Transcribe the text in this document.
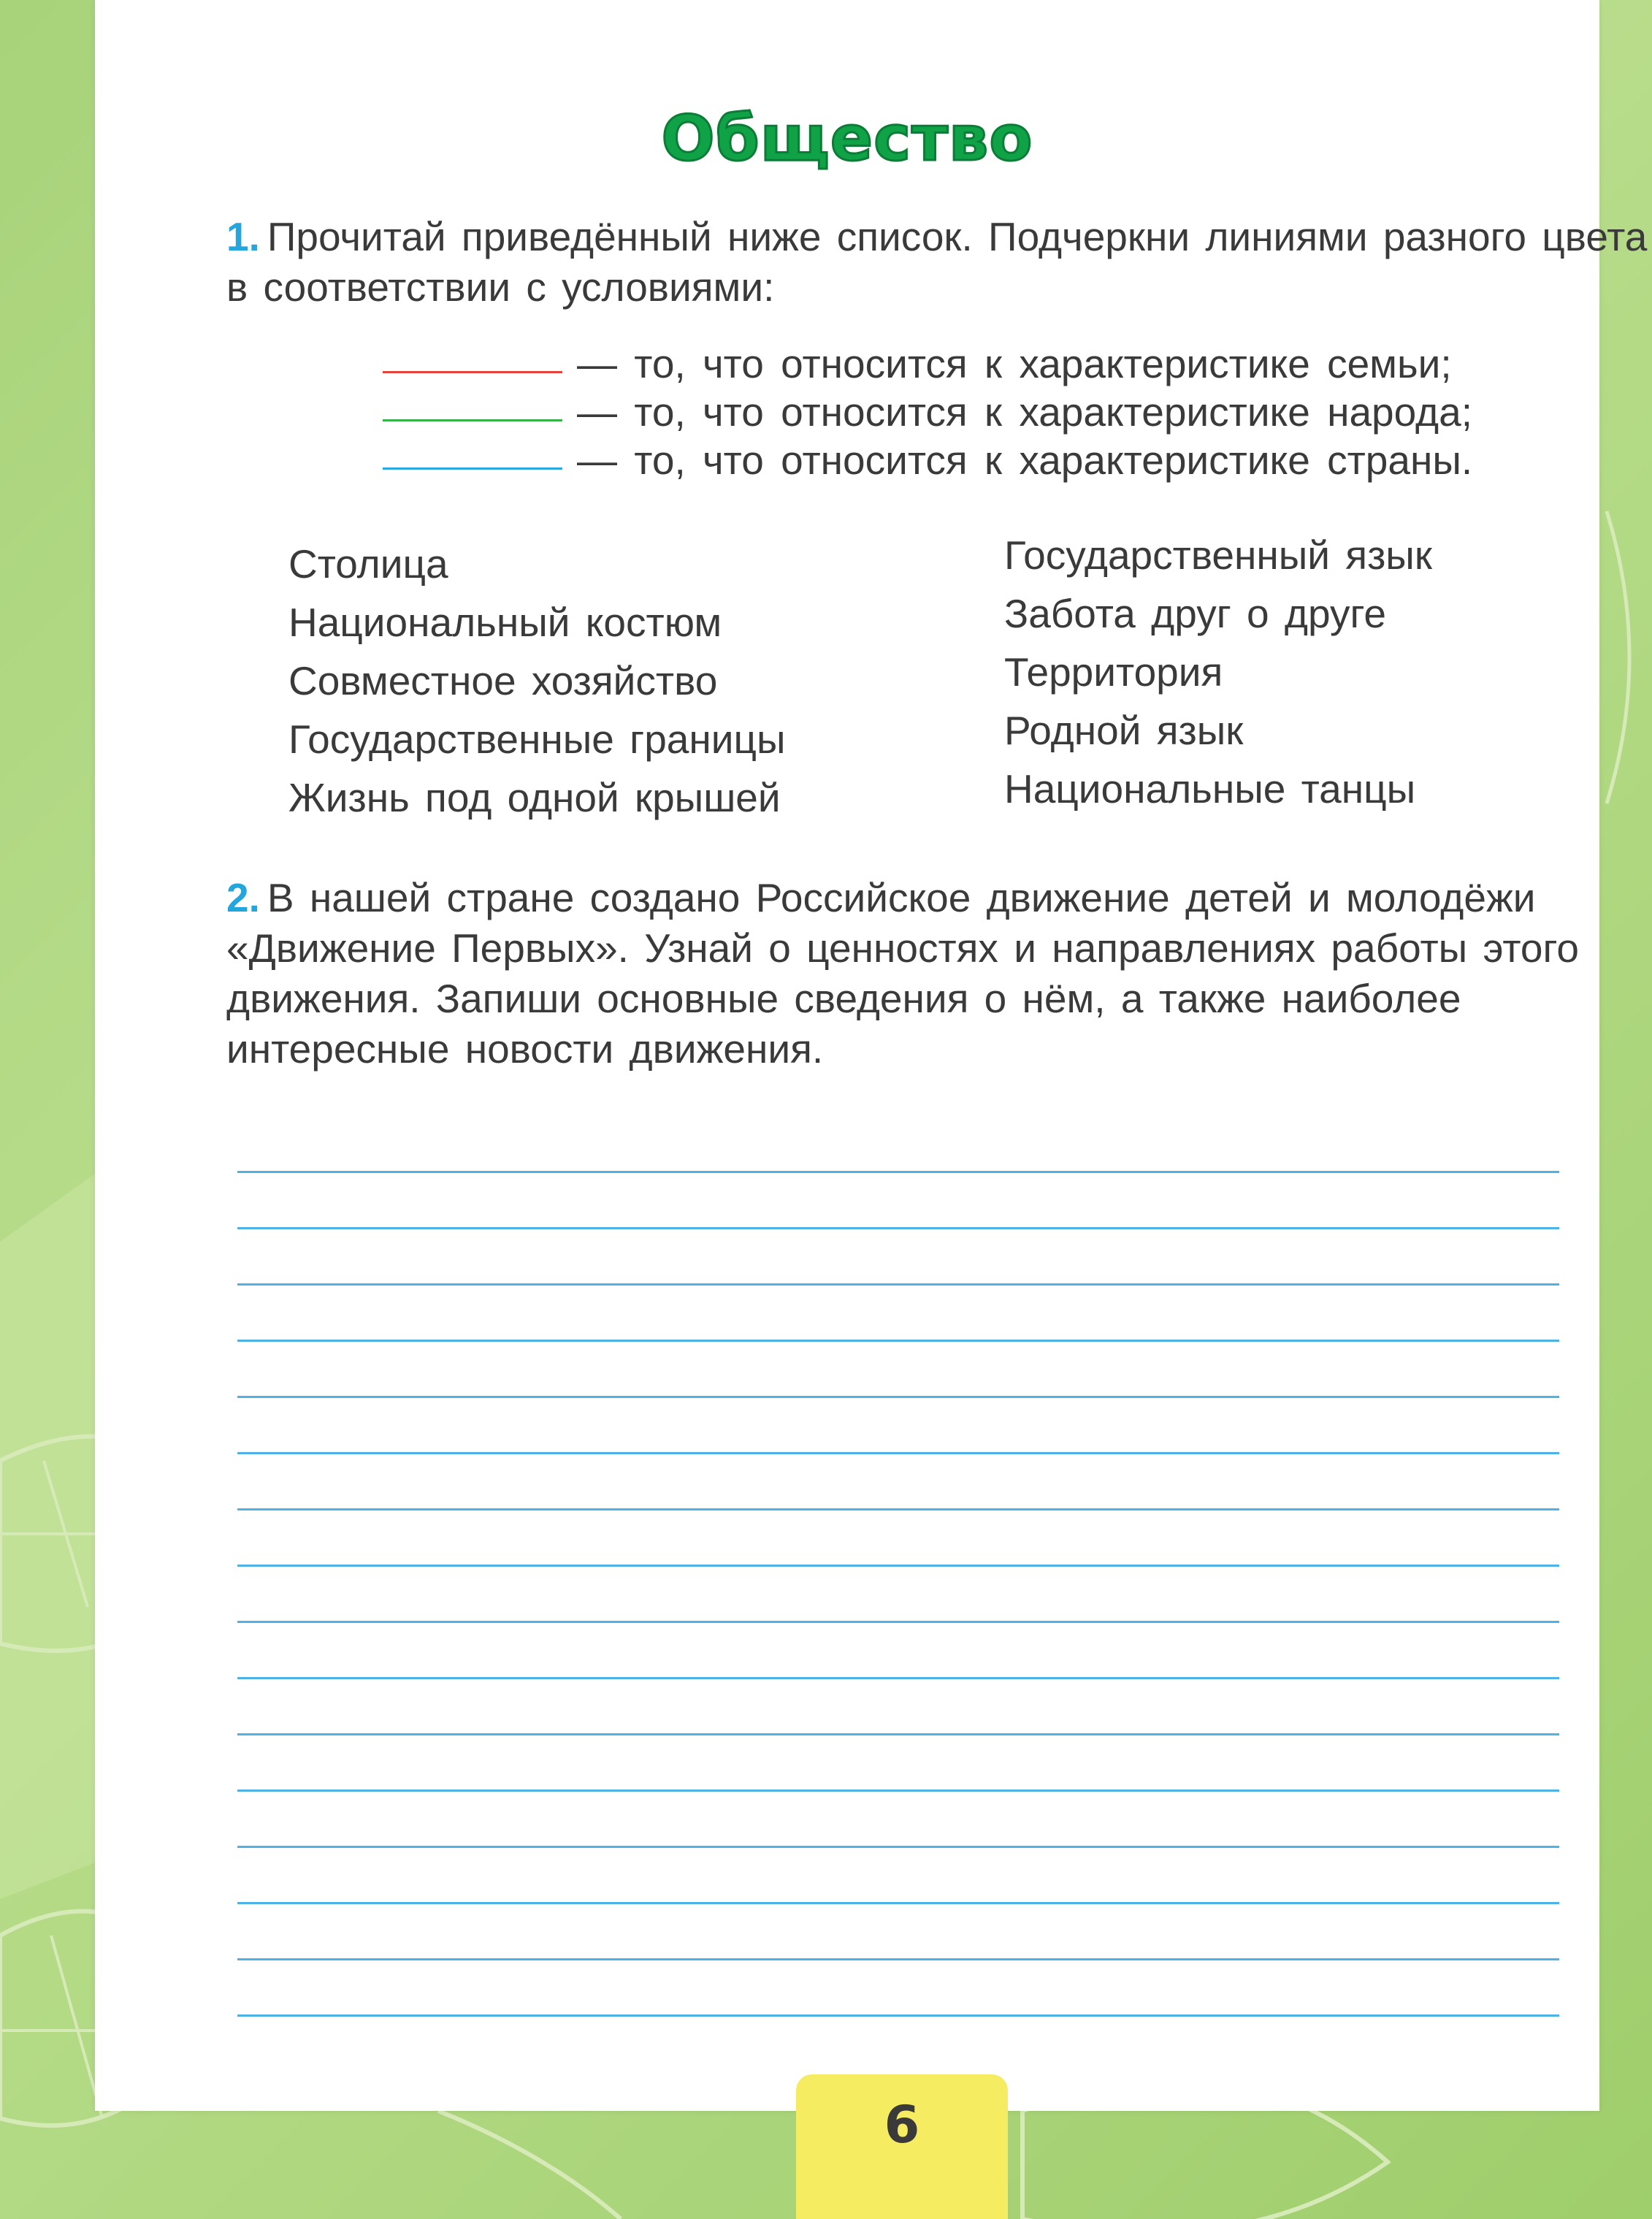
Общество
1. Прочитай приведённый ниже список. Подчеркни линиями разного цвета в соответствии с условиями:
— то, что относится к характеристике семьи;
— то, что относится к характеристике народа;
— то, что относится к характеристике страны.
Столица
Национальный костюм
Совместное хозяйство
Государственные границы
Жизнь под одной крышей
Государственный язык
Забота друг о друге
Территория
Родной язык
Национальные танцы
2. В нашей стране создано Российское движение детей и молодёжи «Движение Первых». Узнай о ценностях и направлениях работы этого движения. Запиши основные сведения о нём, а также наиболее интересные новости движения.
6
